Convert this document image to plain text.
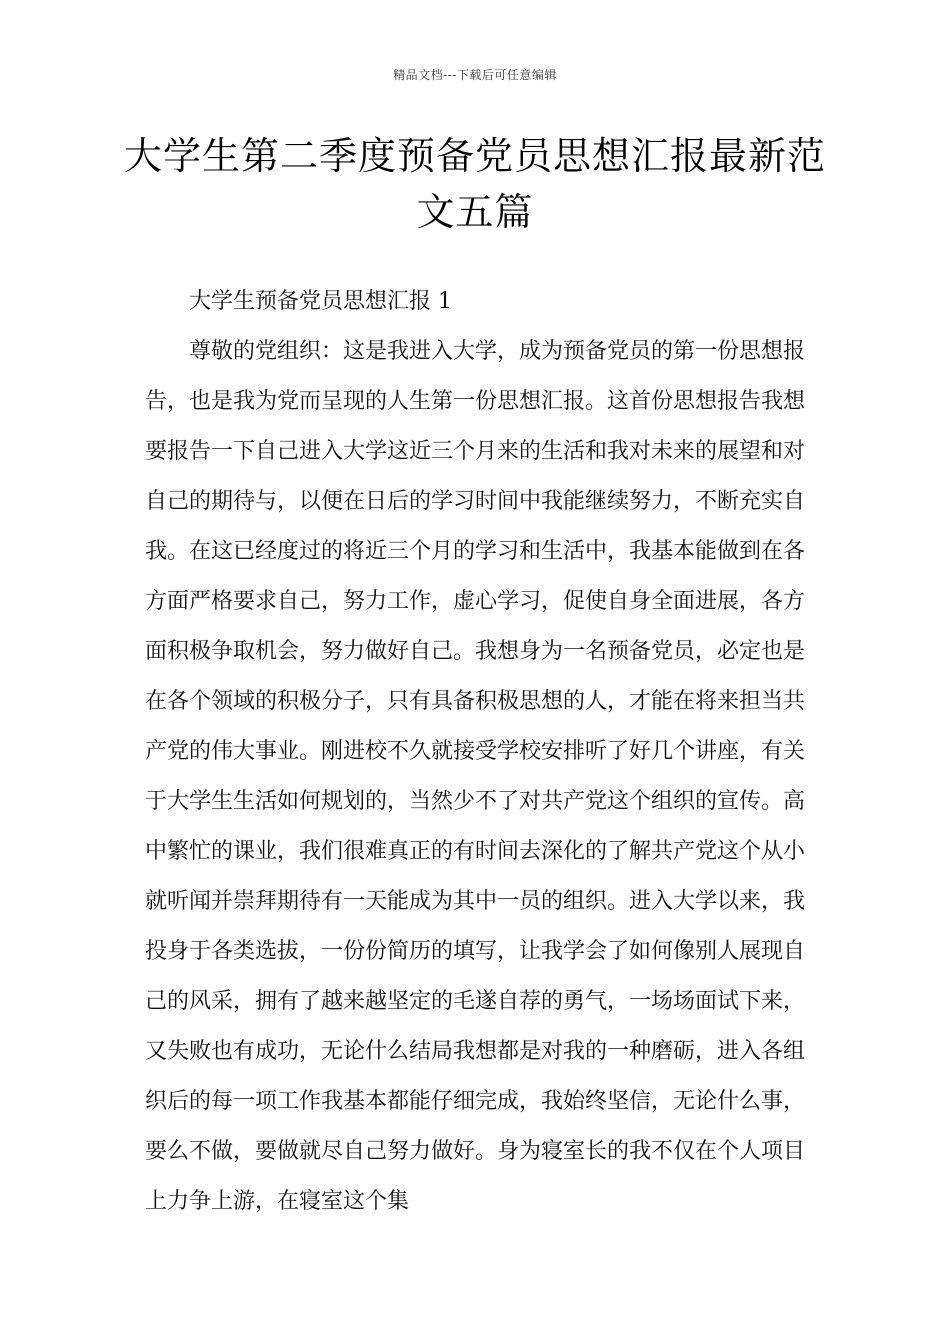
精品文档---下载后可任意编辑
大学生第二季度预备党员思想汇报最新范文五篇

大学生预备党员思想汇报 1

尊敬的党组织：这是我进入大学，成为预备党员的第一份思想报告，也是我为党而呈现的人生第一份思想汇报。这首份思想报告我想要报告一下自己进入大学这近三个月来的生活和我对未来的展望和对自己的期待与，以便在日后的学习时间中我能继续努力，不断充实自我。在这已经度过的将近三个月的学习和生活中，我基本能做到在各方面严格要求自己，努力工作，虚心学习，促使自身全面进展，各方面积极争取机会，努力做好自己。我想身为一名预备党员，必定也是在各个领域的积极分子，只有具备积极思想的人，才能在将来担当共产党的伟大事业。刚进校不久就接受学校安排听了好几个讲座，有关于大学生生活如何规划的，当然少不了对共产党这个组织的宣传。高中繁忙的课业，我们很难真正的有时间去深化的了解共产党这个从小就听闻并崇拜期待有一天能成为其中一员的组织。进入大学以来，我投身于各类选拔，一份份简历的填写，让我学会了如何像别人展现自己的风采，拥有了越来越坚定的毛遂自荐的勇气，一场场面试下来，又失败也有成功，无论什么结局我想都是对我的一种磨砺，进入各组织后的每一项工作我基本都能仔细完成，我始终坚信，无论什么事，要么不做，要做就尽自己努力做好。身为寝室长的我不仅在个人项目上力争上游，在寝室这个集
